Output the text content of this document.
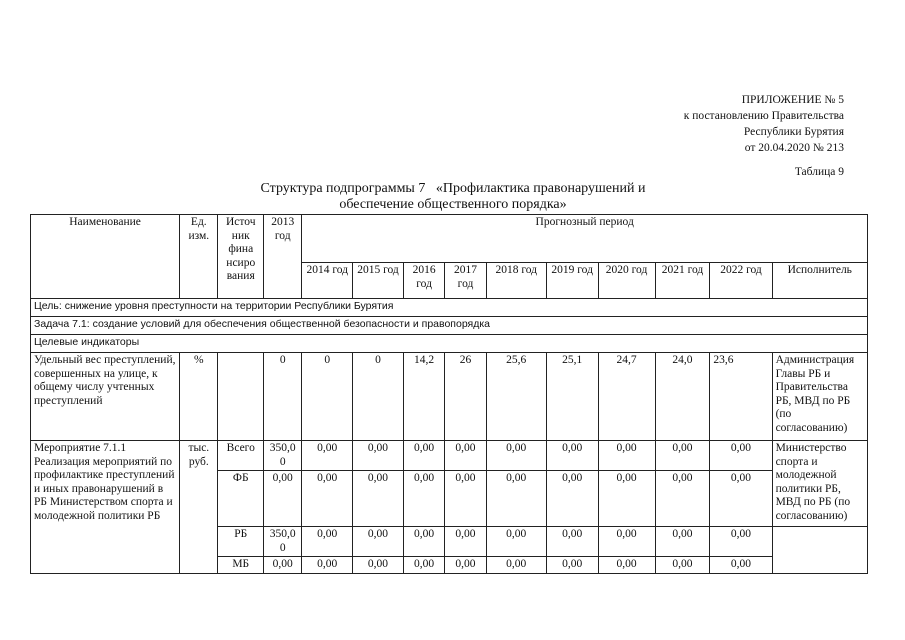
ПРИЛОЖЕНИЕ № 5
к постановлению Правительства
Республики Бурятия
от 20.04.2020 № 213
Таблица 9
Структура подпрограммы 7   «Профилактика правонарушений и
обеспечение общественного порядка»
Наименование	Ед. изм.	Источ ник фина нсиро вания	2013 год	Прогнозный период									
				2014 год	2015 год	2016 год	2017 год	2018 год	2019 год	2020 год	2021 год	2022 год	Исполнитель
Цель: снижение уровня преступности на территории Республики Бурятия													
Задача 7.1: создание условий для обеспечения общественной безопасности и правопорядка													
Целевые индикаторы													
Удельный вес преступлений, совершенных на улице, к общему числу учтенных преступлений	%		0	0	0	14,2	26	25,6	25,1	24,7	24,0	23,6	Администрация Главы РБ и Правительства РБ, МВД по РБ (по согласованию)
Мероприятие 7.1.1 Реализация мероприятий по профилактике преступлений и иных правонарушений в РБ Министерством спорта и молодежной политики РБ	тыс. руб.	Всего	350,0 0	0,00	0,00	0,00	0,00	0,00	0,00	0,00	0,00	0,00	Министерство спорта и молодежной политики РБ, МВД по РБ (по согласованию)
		ФБ	0,00	0,00	0,00	0,00	0,00	0,00	0,00	0,00	0,00	0,00	
		РБ	350,0 0	0,00	0,00	0,00	0,00	0,00	0,00	0,00	0,00	0,00	
		МБ	0,00	0,00	0,00	0,00	0,00	0,00	0,00	0,00	0,00	0,00	
